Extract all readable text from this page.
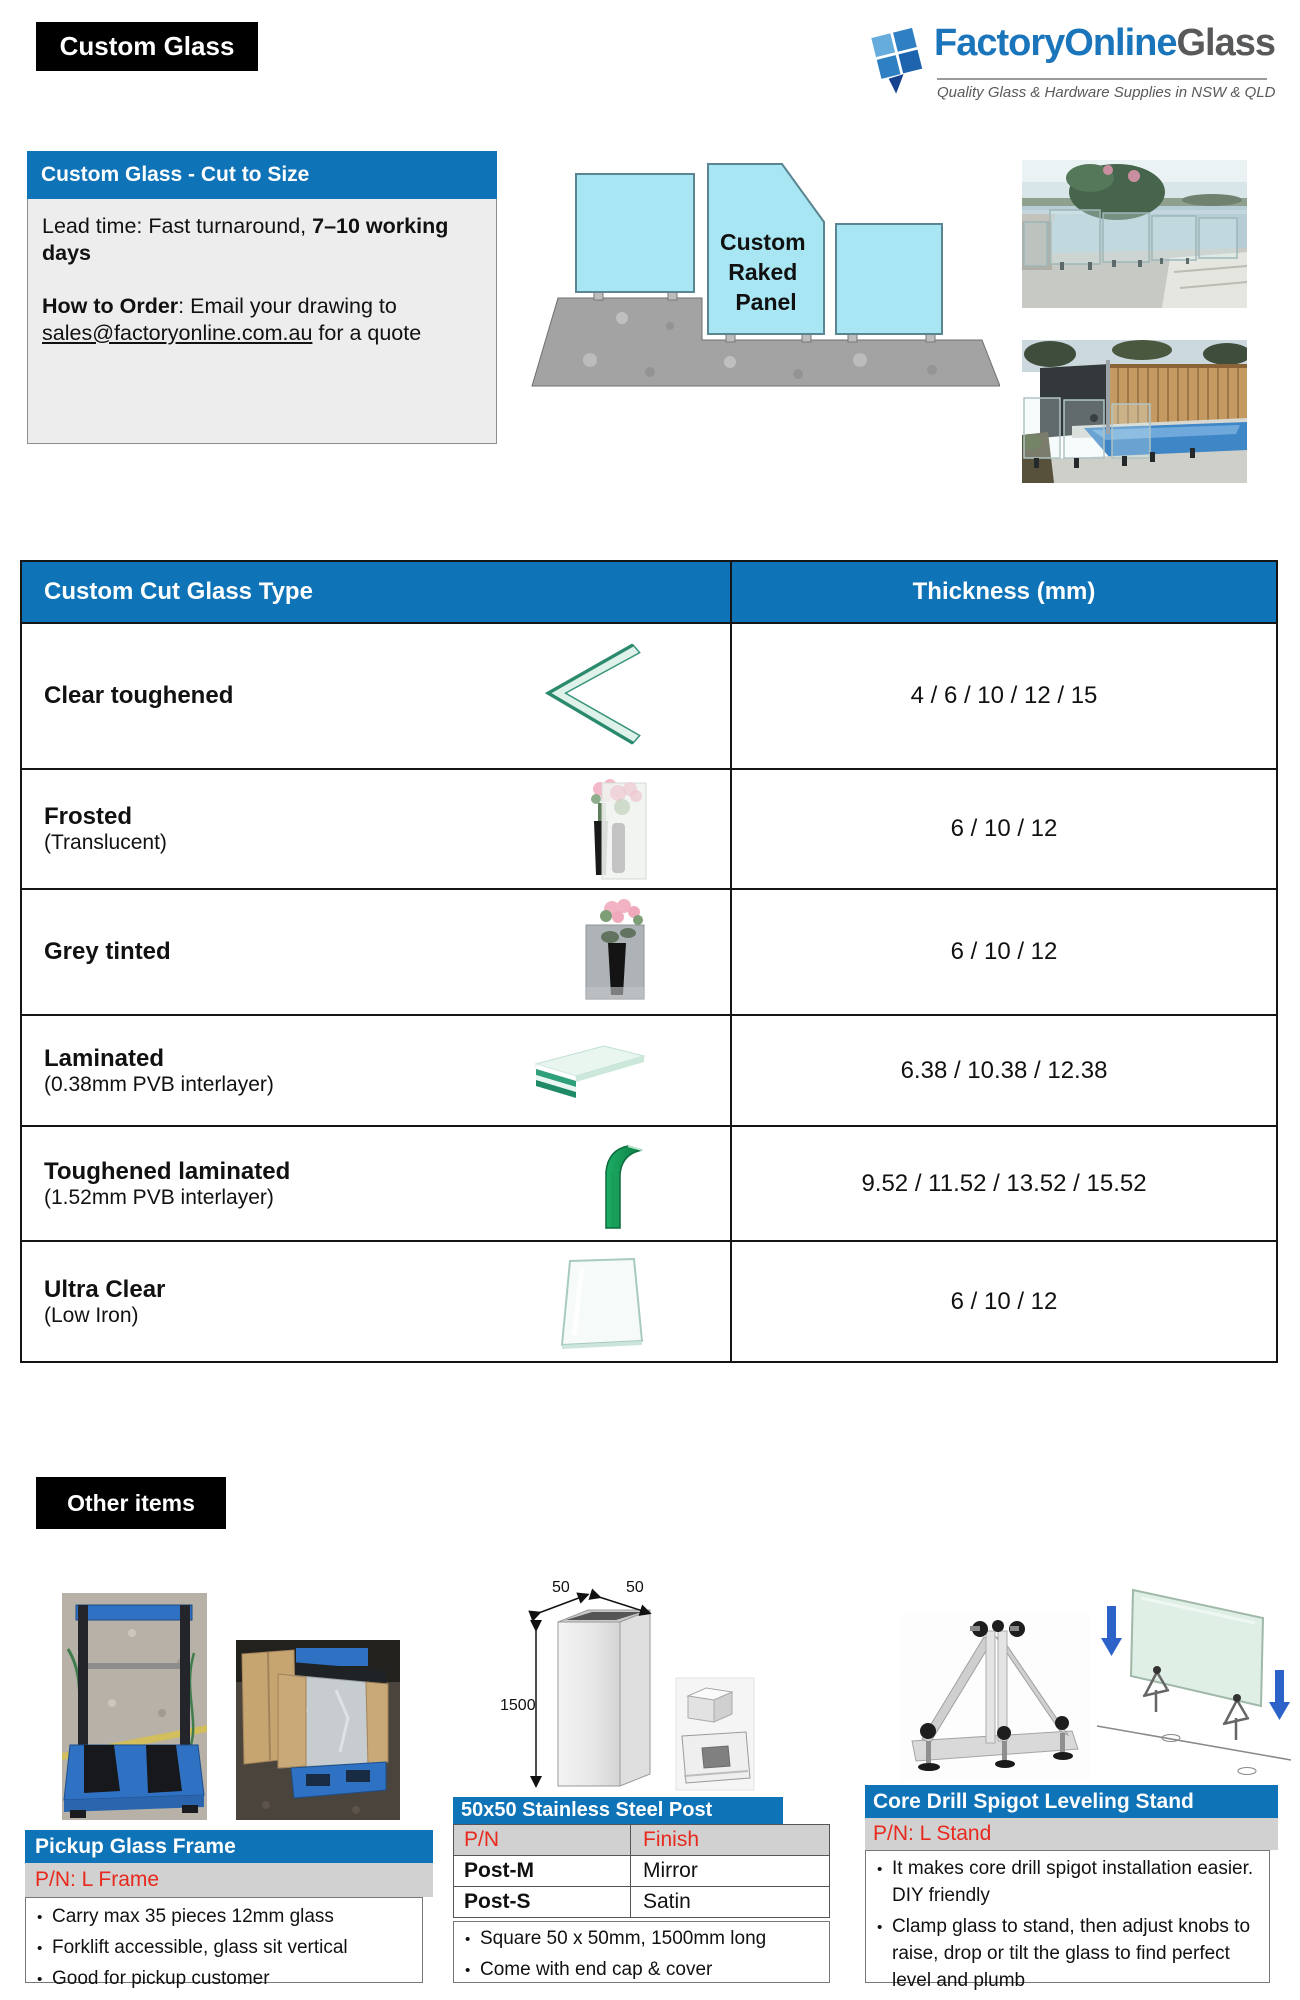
Custom Glass	FactoryOnlineGlass
Quality Glass & Hardware Supplies in NSW & QLD
Custom Glass - Cut to Size

Lead time: Fast turnaround, 7–10 working days

How to Order: Email your drawing to sales@factoryonline.com.au for a quote

Custom Raked Panel
Custom Cut Glass Type	Thickness (mm)

Clear toughened	4 / 6 / 10 / 12 / 15

Frosted
(Translucent)	6 / 10 / 12

Grey tinted	6 / 10 / 12

Laminated
(0.38mm PVB interlayer)	6.38 / 10.38 / 12.38

Toughened laminated
(1.52mm PVB interlayer)	9.52 / 11.52 / 13.52 / 15.52

Ultra Clear
(Low Iron)	6 / 10 / 12
Other items
Pickup Glass Frame
P/N: L Frame
• Carry max 35 pieces 12mm glass
• Forklift accessible, glass sit vertical
• Good for pickup customer
50	50
1500
50x50 Stainless Steel Post
P/N	Finish
Post-M	Mirror
Post-S	Satin
• Square 50 x 50mm, 1500mm long
• Come with end cap & cover
Core Drill Spigot Leveling Stand
P/N: L Stand
• It makes core drill spigot installation easier. DIY friendly
• Clamp glass to stand, then adjust knobs to raise, drop or tilt the glass to find perfect level and plumb
